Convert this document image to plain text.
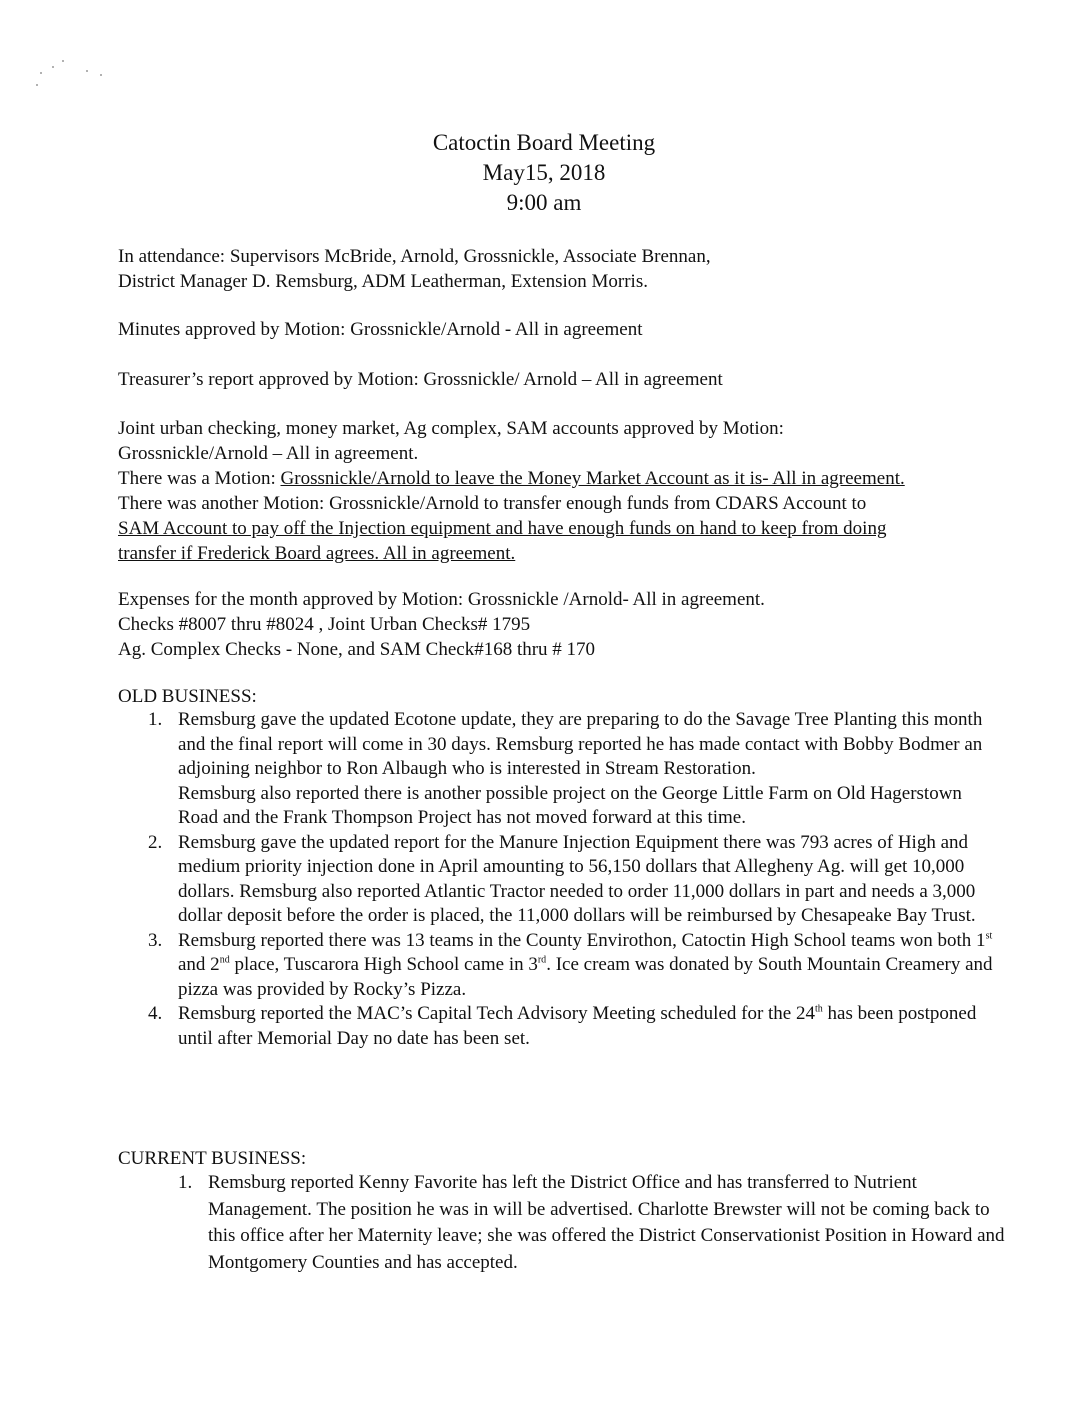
Catoctin Board Meeting
May15, 2018
9:00 am
In attendance: Supervisors McBride, Arnold, Grossnickle, Associate Brennan,
District Manager D. Remsburg, ADM Leatherman, Extension Morris.
Minutes approved by Motion: Grossnickle/Arnold - All in agreement
Treasurer’s report approved by Motion: Grossnickle/ Arnold – All in agreement
Joint urban checking, money market, Ag complex, SAM accounts approved by Motion:
Grossnickle/Arnold – All in agreement.
There was a Motion: Grossnickle/Arnold to leave the Money Market Account as it is- All in agreement.
There was another Motion: Grossnickle/Arnold to transfer enough funds from CDARS Account to
SAM Account to pay off the Injection equipment and have enough funds on hand to keep from doing
transfer if Frederick Board agrees. All in agreement.
Expenses for the month approved by Motion: Grossnickle /Arnold- All in agreement.
Checks #8007 thru #8024 , Joint Urban Checks# 1795
Ag. Complex Checks - None, and SAM Check#168 thru # 170
OLD BUSINESS:
1. Remsburg gave the updated Ecotone update, they are preparing to do the Savage Tree Planting this month and the final report will come in 30 days. Remsburg reported he has made contact with Bobby Bodmer an adjoining neighbor to Ron Albaugh who is interested in Stream Restoration.
Remsburg also reported there is another possible project on the George Little Farm on Old Hagerstown Road and the Frank Thompson Project has not moved forward at this time.
2. Remsburg gave the updated report for the Manure Injection Equipment there was 793 acres of High and medium priority injection done in April amounting to 56,150 dollars that Allegheny Ag. will get 10,000 dollars. Remsburg also reported Atlantic Tractor needed to order 11,000 dollars in part and needs a 3,000 dollar deposit before the order is placed, the 11,000 dollars will be reimbursed by Chesapeake Bay Trust.
3. Remsburg reported there was 13 teams in the County Envirothon, Catoctin High School teams won both 1st and 2nd place, Tuscarora High School came in 3rd. Ice cream was donated by South Mountain Creamery and pizza was provided by Rocky’s Pizza.
4. Remsburg reported the MAC’s Capital Tech Advisory Meeting scheduled for the 24th has been postponed until after Memorial Day no date has been set.
CURRENT BUSINESS:
1. Remsburg reported Kenny Favorite has left the District Office and has transferred to Nutrient Management. The position he was in will be advertised. Charlotte Brewster will not be coming back to this office after her Maternity leave; she was offered the District Conservationist Position in Howard and Montgomery Counties and has accepted.
